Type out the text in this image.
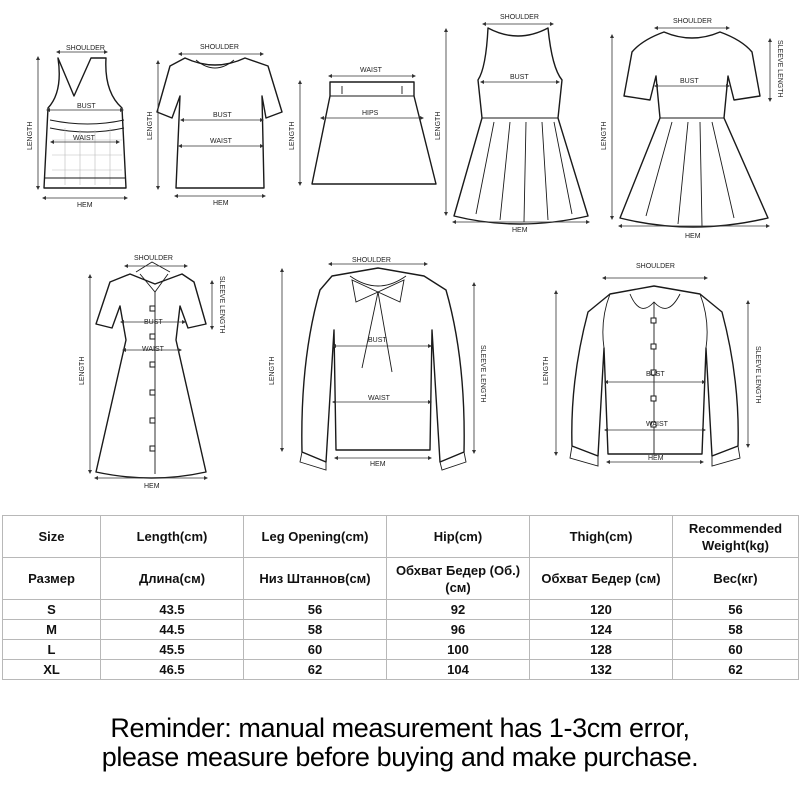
SHOULDER
BUST
WAIST
HEM
LENGTH
SHOULDER
BUST
WAIST
HEM
LENGTH
WAIST
HIPS
LENGTH
SHOULDER
BUST
HEM
LENGTH
SHOULDER
BUST
HEM
LENGTH
SLEEVE LENGTH
SHOULDER
BUST
WAIST
HEM
LENGTH
SLEEVE LENGTH
SHOULDER
BUST
WAIST
HEM
LENGTH	SLEEVE LENGTH
SHOULDER
BUST
WAIST
HEM
LENGTH	SLEEVE LENGTH
Size	Length(cm)	Leg Opening(cm)	Hip(cm)	Thigh(cm)	Recommended Weight(kg)
Размер	Длина(см)	Низ Штаннов(см)	Обхват Бедер (Об.)(см)	Обхват Бедер (см)	Вес(кг)
S	43.5	56	92	120	56
M	44.5	58	96	124	58
L	45.5	60	100	128	60
XL	46.5	62	104	132	62
Reminder: manual measurement has 1-3cm error,
please measure before buying and make purchase.
